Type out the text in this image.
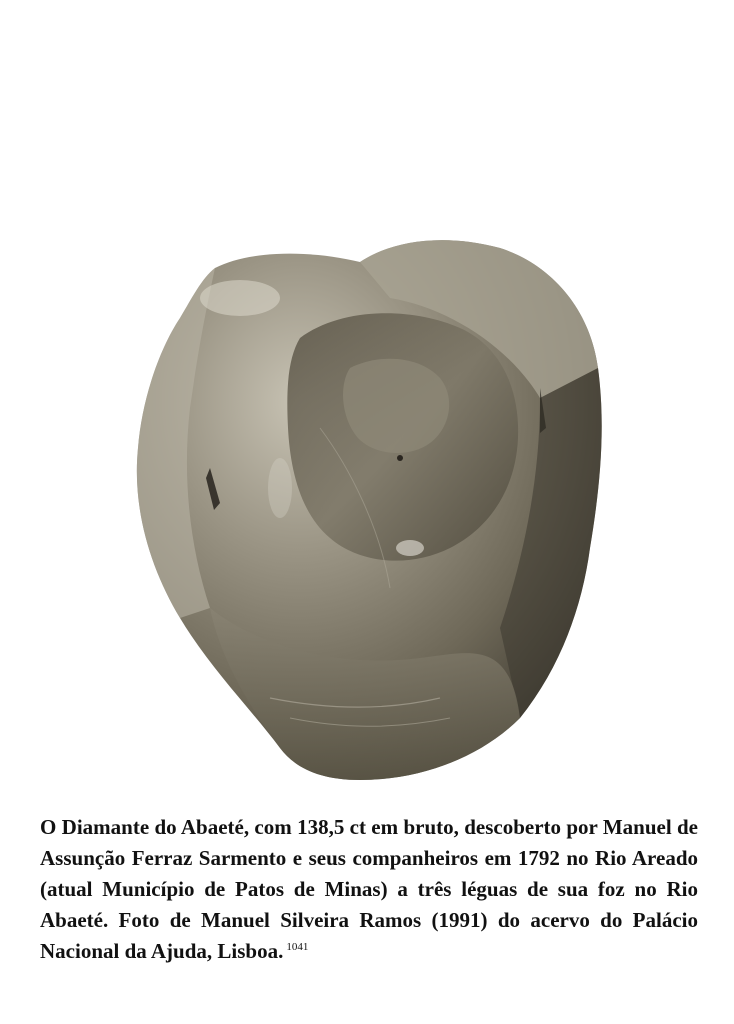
O Diamante do Abaeté, com 138,5 ct em bruto, descoberto por Manuel de Assunção Ferraz Sarmento e seus companheiros em 1792 no Rio Areado (atual Município de Patos de Minas) a três léguas de sua foz no Rio Abaeté. Foto de Manuel Silveira Ramos (1991) do acervo do Palácio Nacional da Ajuda, Lisboa. $^{1041}$
